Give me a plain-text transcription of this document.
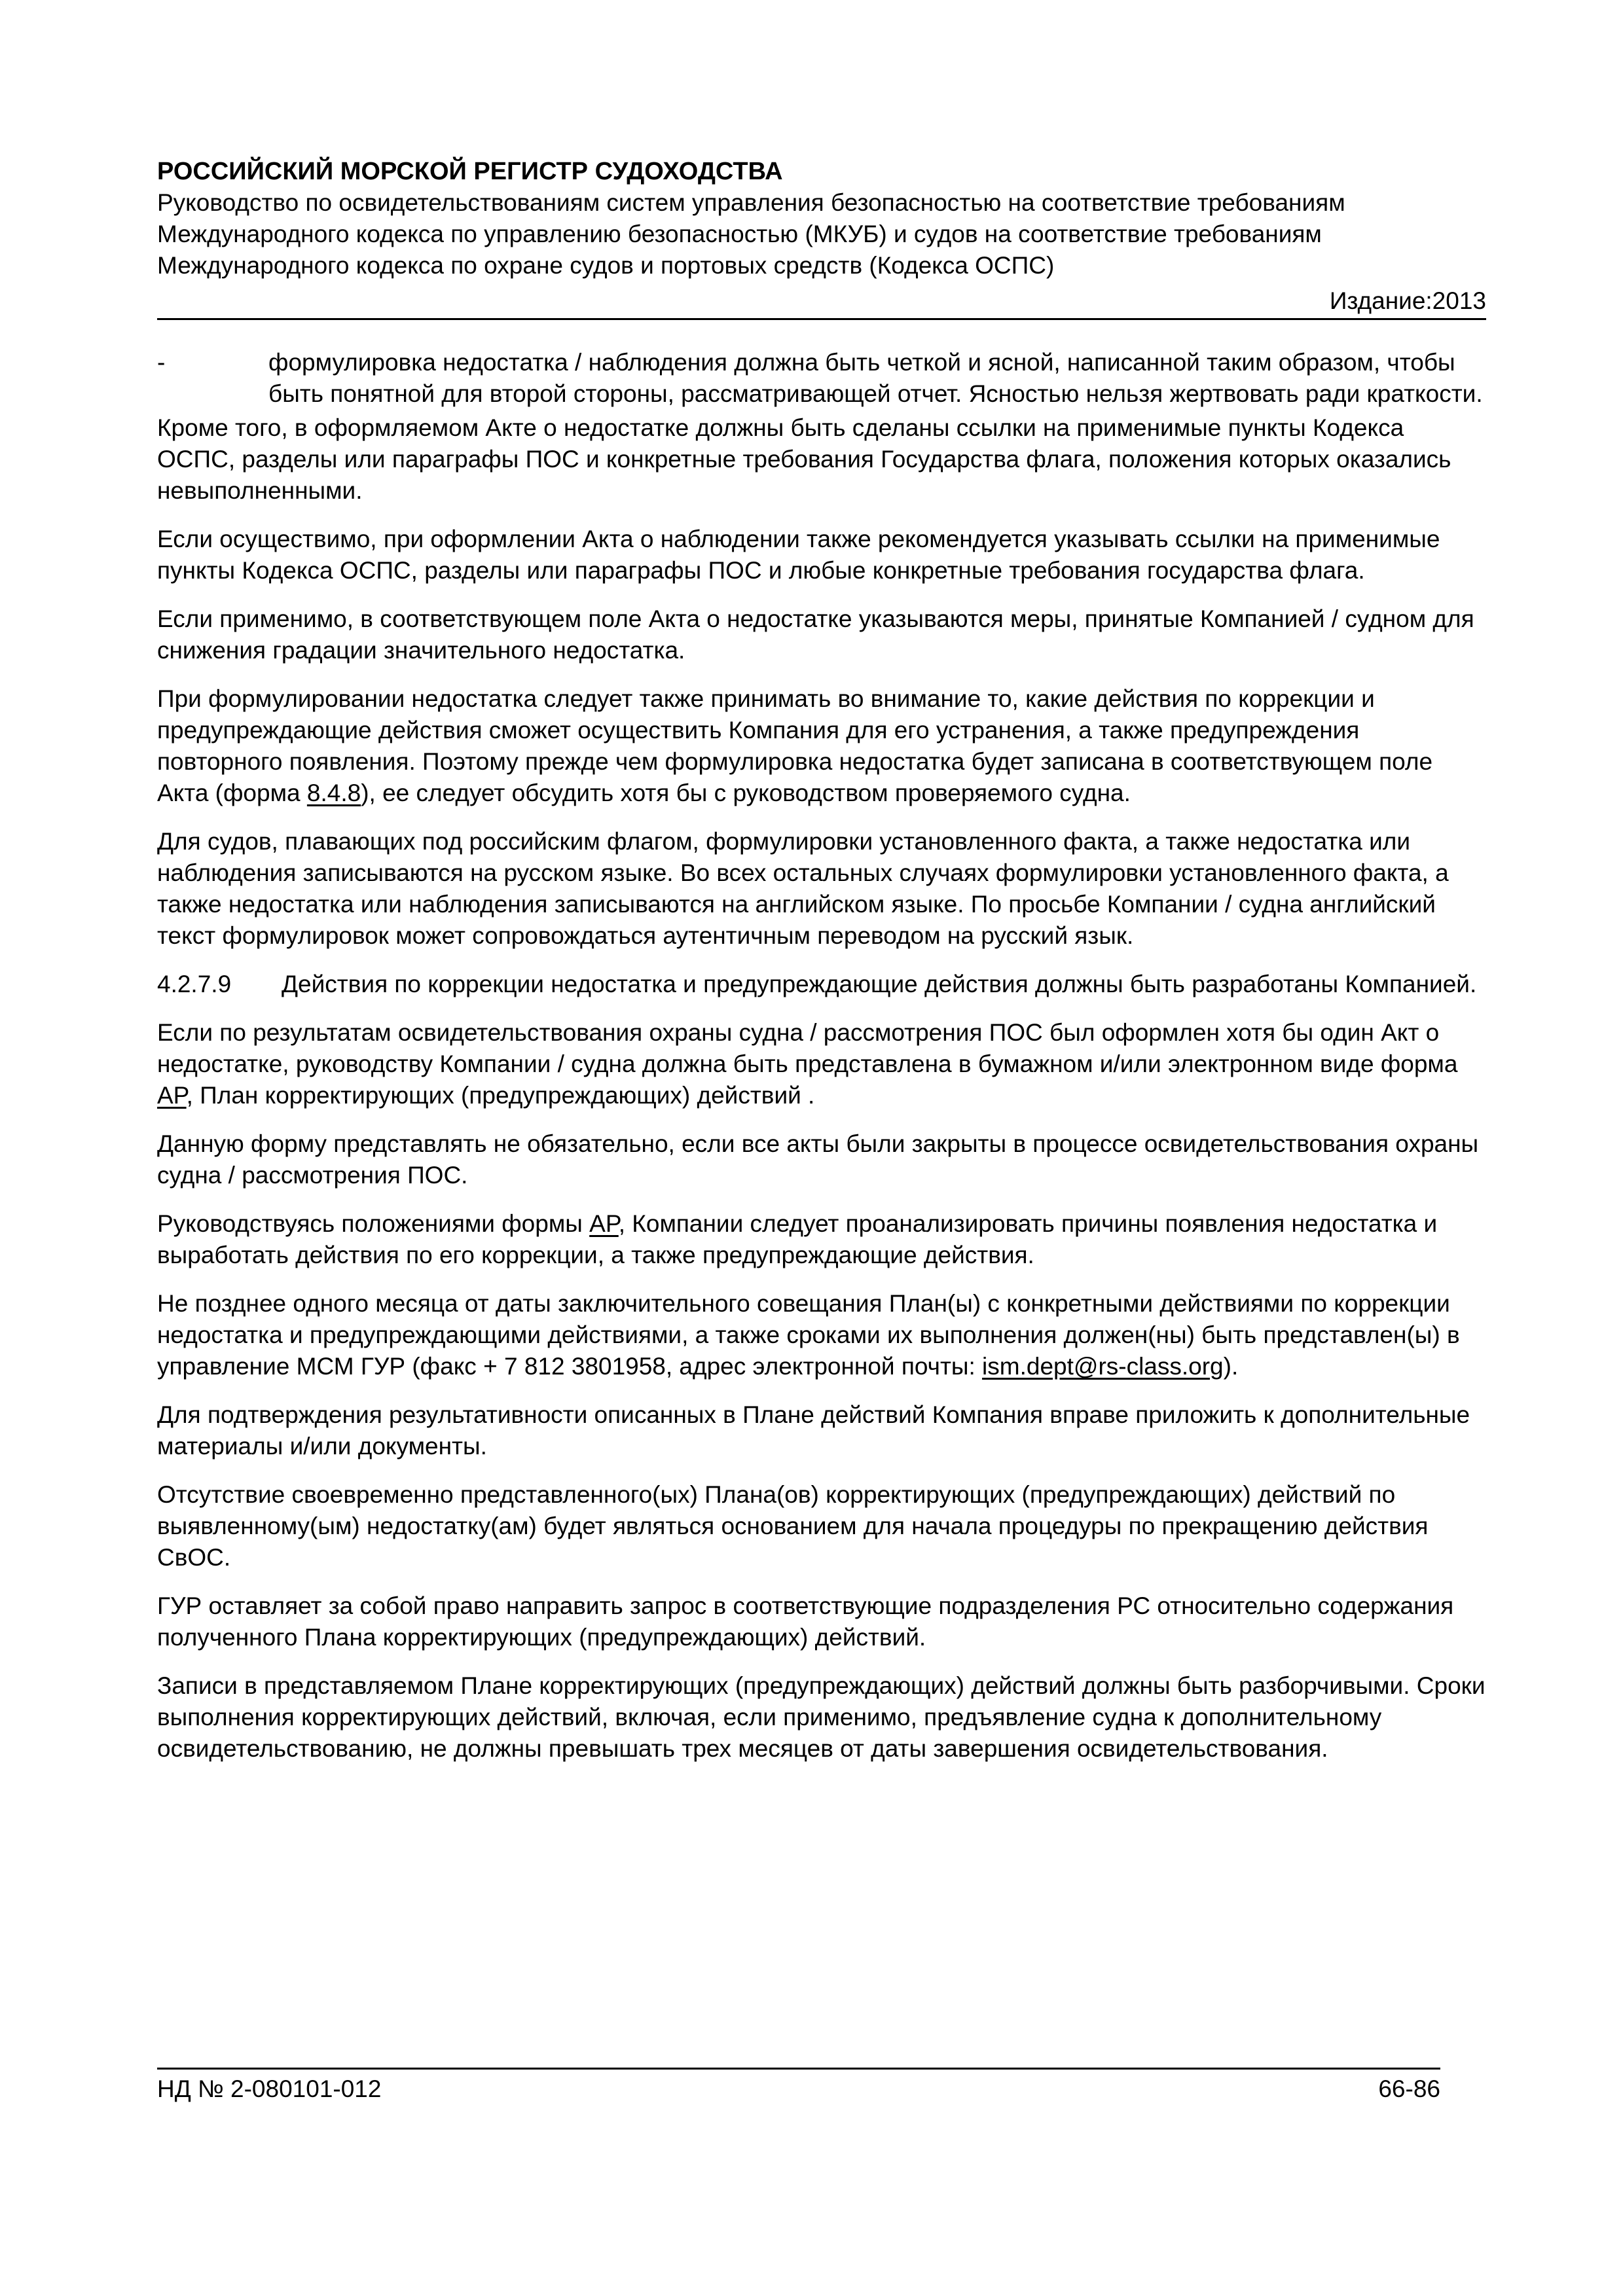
РОССИЙСКИЙ МОРСКОЙ РЕГИСТР СУДОХОДСТВА
Руководство по освидетельствованиям систем управления безопасностью на соответствие требованиям Международного кодекса по управлению безопасностью (МКУБ) и судов на соответствие требованиям Международного кодекса по охране судов и портовых средств (Кодекса ОСПС)
Издание:2013
-	формулировка недостатка / наблюдения должна быть четкой и ясной, написанной таким образом, чтобы быть понятной для второй стороны, рассматривающей отчет. Ясностью нельзя жертвовать ради краткости.

Кроме того, в оформляемом Акте о недостатке должны быть сделаны ссылки на применимые пункты Кодекса ОСПС, разделы или параграфы ПОС и конкретные требования Государства флага, положения которых оказались невыполненными.

Если осуществимо, при оформлении Акта о наблюдении также рекомендуется указывать ссылки на применимые пункты Кодекса ОСПС, разделы или параграфы ПОС и любые конкретные требования государства флага.

Если применимо, в соответствующем поле Акта о недостатке указываются меры, принятые Компанией / судном для снижения градации значительного недостатка.

При формулировании недостатка следует также принимать во внимание то, какие действия по коррекции и предупреждающие действия сможет осуществить Компания для его устранения, а также предупреждения повторного появления. Поэтому прежде чем формулировка недостатка будет записана в соответствующем поле Акта (форма 8.4.8), ее следует обсудить хотя бы с руководством проверяемого судна.

Для судов, плавающих под российским флагом, формулировки установленного факта, а также недостатка или наблюдения записываются на русском языке. Во всех остальных случаях формулировки установленного факта, а также недостатка или наблюдения записываются на английском языке. По просьбе Компании / судна английский текст формулировок может сопровождаться аутентичным переводом на русский язык.

4.2.7.9 Действия по коррекции недостатка и предупреждающие действия должны быть разработаны Компанией.

Если по результатам освидетельствования охраны судна / рассмотрения ПОС был оформлен хотя бы один Акт о недостатке, руководству Компании / судна должна быть представлена в бумажном и/или электронном виде форма AP, План корректирующих (предупреждающих) действий .

Данную форму представлять не обязательно, если все акты были закрыты в процессе освидетельствования охраны судна / рассмотрения ПОС.

Руководствуясь положениями формы AP, Компании следует проанализировать причины появления недостатка и выработать действия по его коррекции, а также предупреждающие действия.

Не позднее одного месяца от даты заключительного совещания План(ы) с конкретными действиями по коррекции недостатка и предупреждающими действиями, а также сроками их выполнения должен(ны) быть представлен(ы) в управление МСМ ГУР (факс + 7 812 3801958, адрес электронной почты: ism.dept@rs-class.org).

Для подтверждения результативности описанных в Плане действий Компания вправе приложить к дополнительные материалы и/или документы.

Отсутствие своевременно представленного(ых) Плана(ов) корректирующих (предупреждающих) действий по выявленному(ым) недостатку(ам) будет являться основанием для начала процедуры по прекращению действия СвОС.

ГУР оставляет за собой право направить запрос в соответствующие подразделения РС относительно содержания полученного Плана корректирующих (предупреждающих) действий.

Записи в представляемом Плане корректирующих (предупреждающих) действий должны быть разборчивыми. Сроки выполнения корректирующих действий, включая, если применимо, предъявление судна к дополнительному освидетельствованию, не должны превышать трех месяцев от даты завершения освидетельствования.

НД № 2-080101-012	66-86
